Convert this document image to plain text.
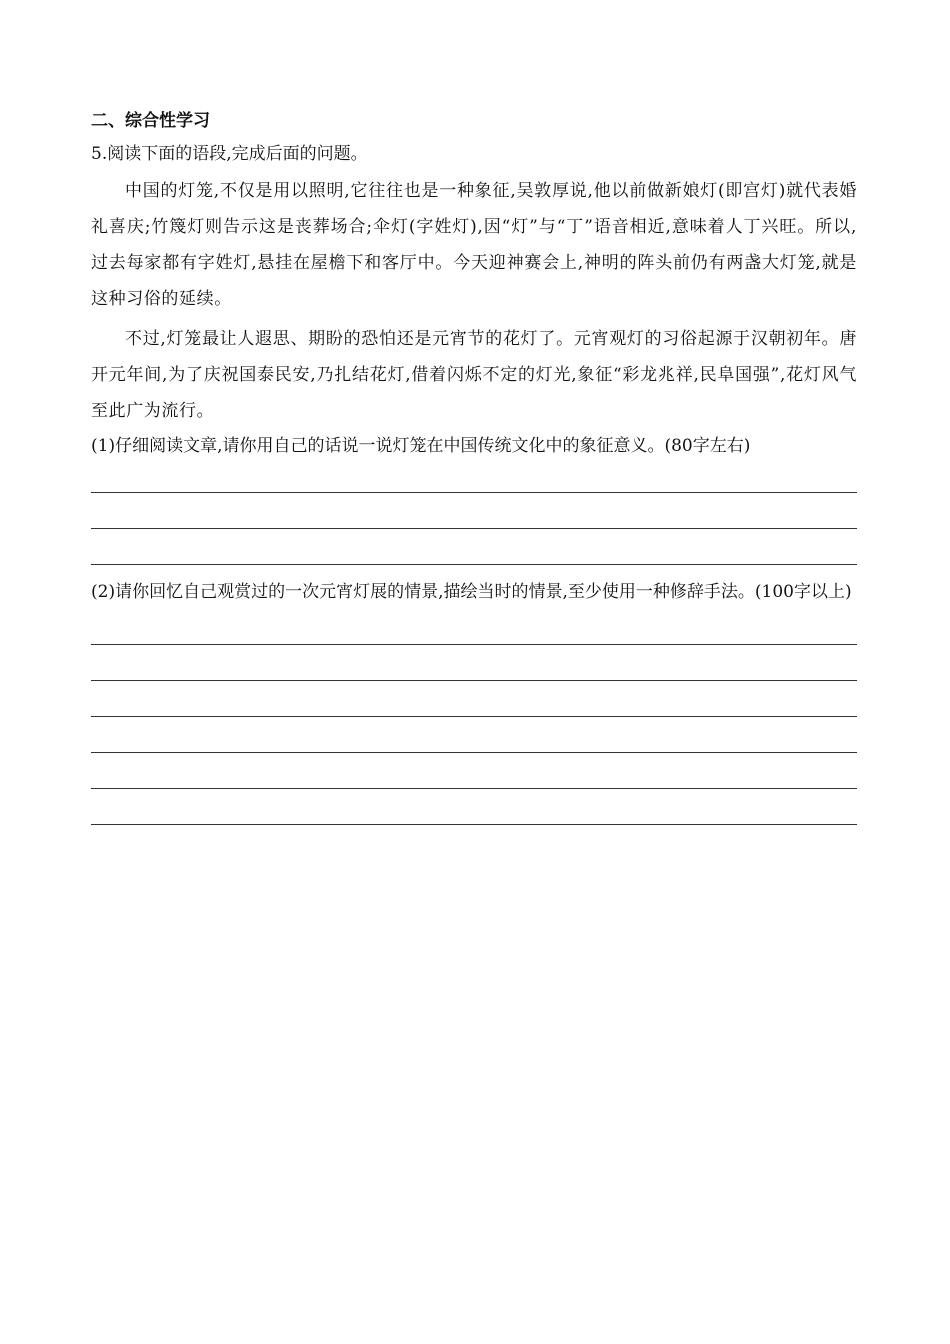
二、综合性学习

5.阅读下面的语段,完成后面的问题。

中国的灯笼,不仅是用以照明,它往往也是一种象征,吴敦厚说,他以前做新娘灯(即宫灯)就代表婚礼喜庆;竹篾灯则告示这是丧葬场合;伞灯(字姓灯),因“灯”与“丁”语音相近,意味着人丁兴旺。所以,过去每家都有字姓灯,悬挂在屋檐下和客厅中。今天迎神赛会上,神明的阵头前仍有两盏大灯笼,就是这种习俗的延续。

不过,灯笼最让人遐思、期盼的恐怕还是元宵节的花灯了。元宵观灯的习俗起源于汉朝初年。唐开元年间,为了庆祝国泰民安,乃扎结花灯,借着闪烁不定的灯光,象征“彩龙兆祥,民阜国强”,花灯风气至此广为流行。

(1)仔细阅读文章,请你用自己的话说一说灯笼在中国传统文化中的象征意义。(80字左右)

(2)请你回忆自己观赏过的一次元宵灯展的情景,描绘当时的情景,至少使用一种修辞手法。(100字以上)
